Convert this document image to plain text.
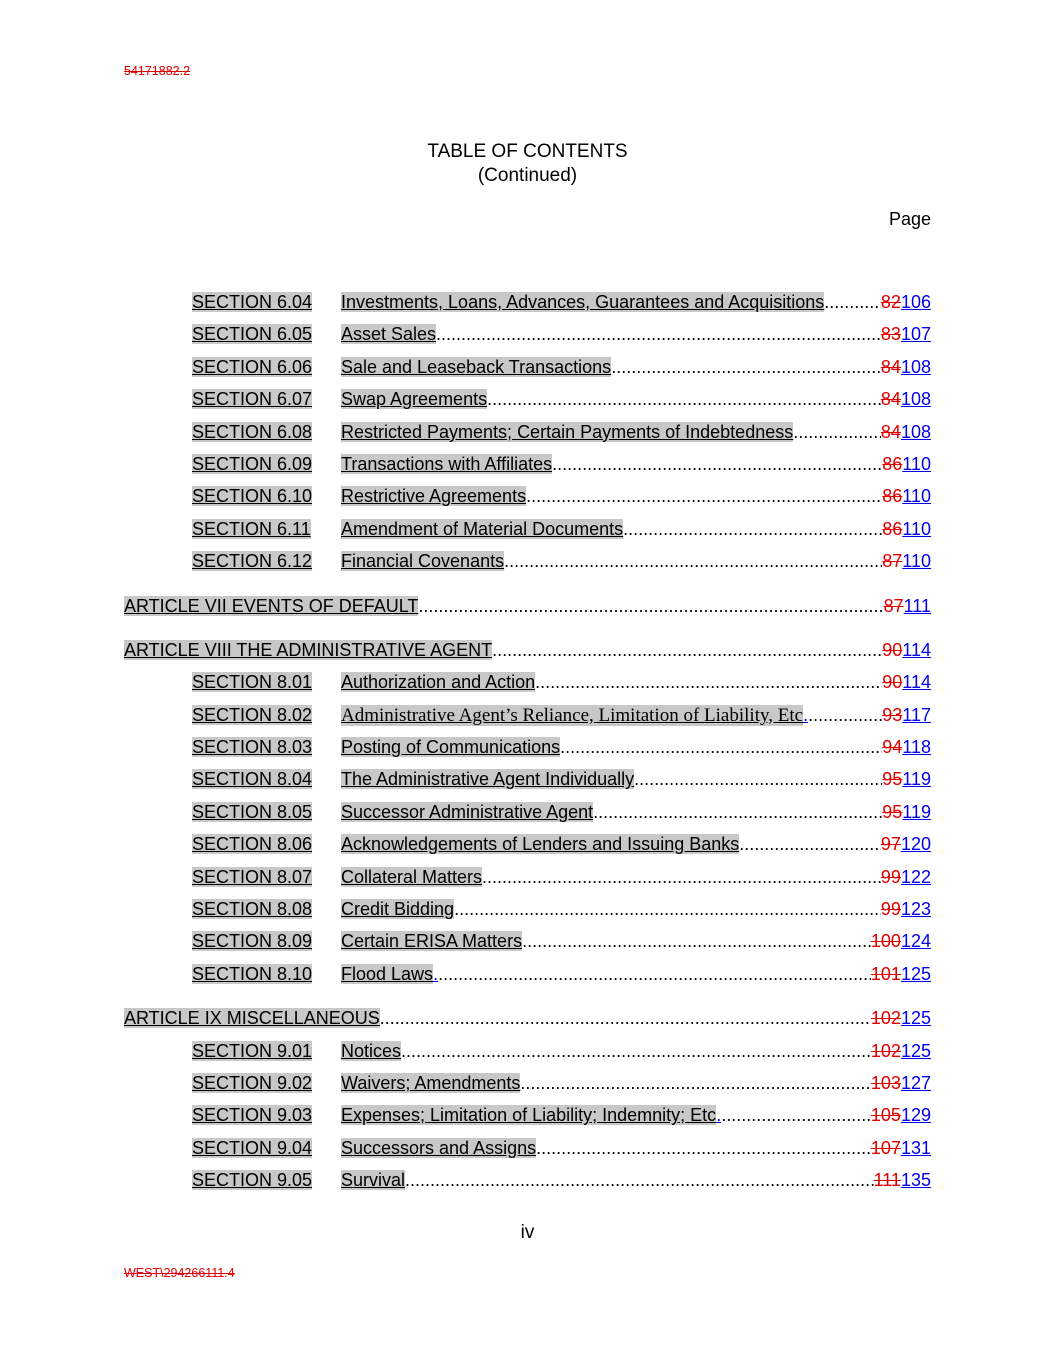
54171882.2
TABLE OF CONTENTS
(Continued)
Page
SECTION 6.04	Investments, Loans, Advances, Guarantees and Acquisitions .....	82 106
SECTION 6.05	Asset Sales .....	83 107
SECTION 6.06	Sale and Leaseback Transactions .....	84 108
SECTION 6.07	Swap Agreements .....	84 108
SECTION 6.08	Restricted Payments; Certain Payments of Indebtedness .....	84 108
SECTION 6.09	Transactions with Affiliates .....	86 110
SECTION 6.10	Restrictive Agreements .....	86 110
SECTION 6.11	Amendment of Material Documents .....	86 110
SECTION 6.12	Financial Covenants .....	87 110
ARTICLE VII EVENTS OF DEFAULT .....	87 111
ARTICLE VIII THE ADMINISTRATIVE AGENT .....	90 114
SECTION 8.01	Authorization and Action .....	90 114
SECTION 8.02	Administrative Agent’s Reliance, Limitation of Liability, Etc. .....	93 117
SECTION 8.03	Posting of Communications .....	94 118
SECTION 8.04	The Administrative Agent Individually .....	95 119
SECTION 8.05	Successor Administrative Agent .....	95 119
SECTION 8.06	Acknowledgements of Lenders and Issuing Banks .....	97 120
SECTION 8.07	Collateral Matters .....	99 122
SECTION 8.08	Credit Bidding .....	99 123
SECTION 8.09	Certain ERISA Matters .....	100 124
SECTION 8.10	Flood Laws. .....	101 125
ARTICLE IX MISCELLANEOUS .....	102 125
SECTION 9.01	Notices .....	102 125
SECTION 9.02	Waivers; Amendments .....	103 127
SECTION 9.03	Expenses; Limitation of Liability; Indemnity; Etc. .....	105 129
SECTION 9.04	Successors and Assigns .....	107 131
SECTION 9.05	Survival .....	111 135
iv
WEST\294266111.4
